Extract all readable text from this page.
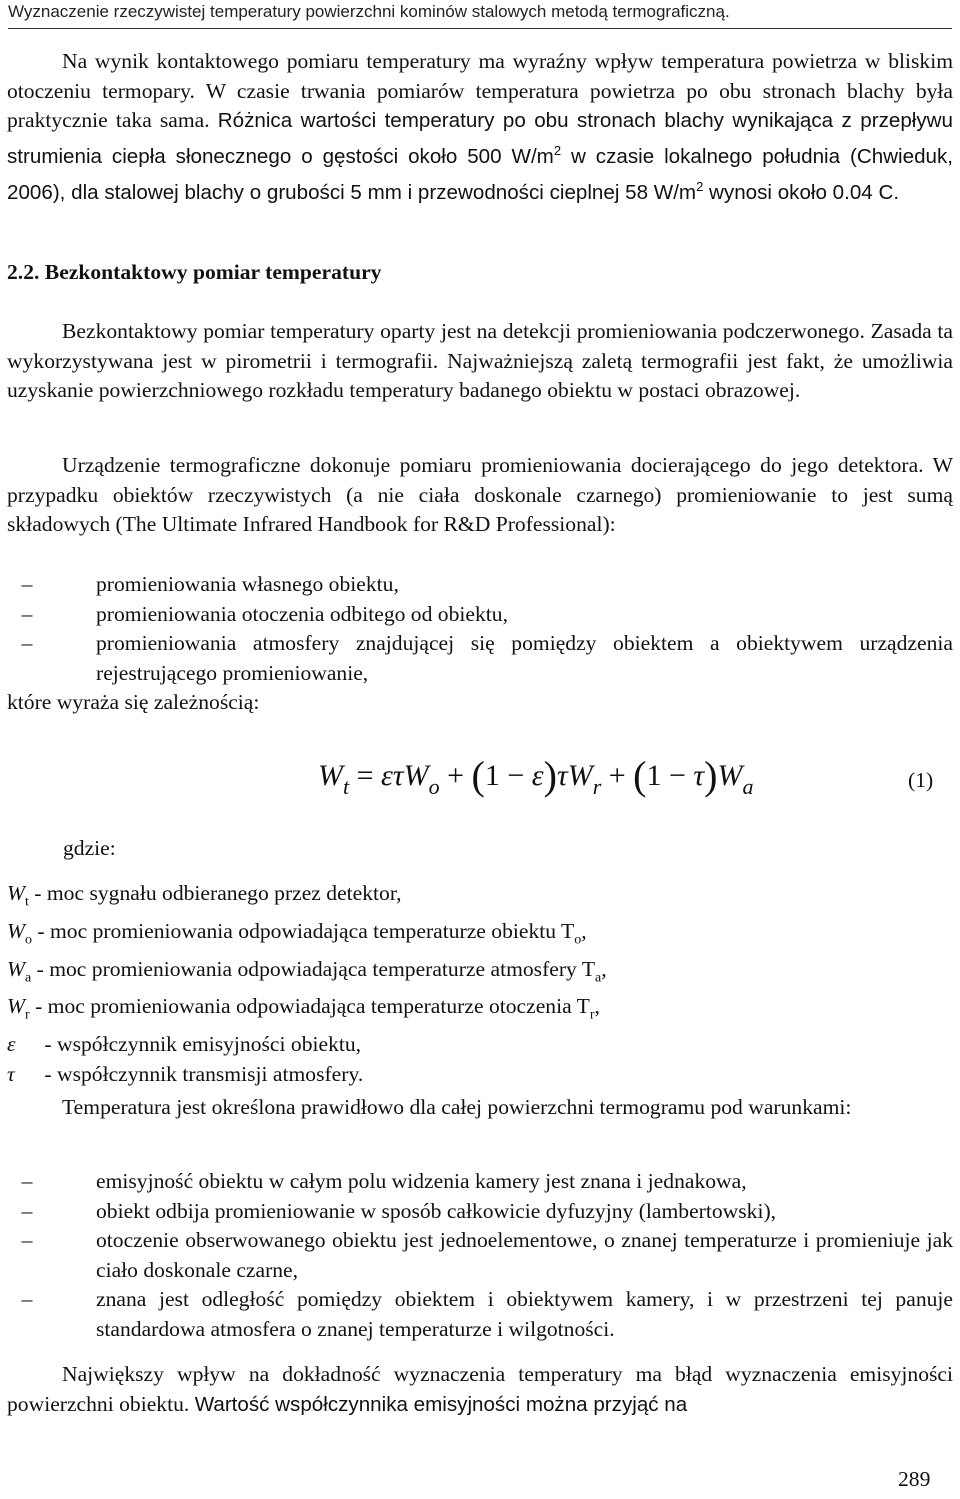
Wyznaczenie rzeczywistej temperatury powierzchni kominów stalowych metodą termograficzną.

Na wynik kontaktowego pomiaru temperatury ma wyraźny wpływ temperatura powietrza w bliskim otoczeniu termopary. W czasie trwania pomiarów temperatura powietrza po obu stronach blachy była praktycznie taka sama. Różnica wartości temperatury po obu stronach blachy wynikająca z przepływu strumienia ciepła słonecznego o gęstości około 500 $W/m^2$ w czasie lokalnego południa (Chwieduk, 2006), dla stalowej blachy o grubości 5 mm i przewodności cieplnej 58 $W/m^2$ wynosi około 0.04 C.

2.2. Bezkontaktowy pomiar temperatury

Bezkontaktowy pomiar temperatury oparty jest na detekcji promieniowania podczerwonego. Zasada ta wykorzystywana jest w pirometrii i termografii. Najważniejszą zaletą termografii jest fakt, że umożliwia uzyskanie powierzchniowego rozkładu temperatury badanego obiektu w postaci obrazowej.

Urządzenie termograficzne dokonuje pomiaru promieniowania docierającego do jego detektora. W przypadku obiektów rzeczywistych (a nie ciała doskonale czarnego) promieniowanie to jest sumą składowych (The Ultimate Infrared Handbook for R&D Professional):

–	promieniowania własnego obiektu,
–	promieniowania otoczenia odbitego od obiektu,
–	promieniowania atmosfery znajdującej się pomiędzy obiektem a obiektywem urządzenia rejestrującego promieniowanie,

które wyraża się zależnością:

$W_t = \varepsilon\tau W_o + (1 - \varepsilon)\tau W_r + (1 - \tau)W_a$	(1)
gdzie:
$W_t$ - moc sygnału odbieranego przez detektor,
$W_o$ - moc promieniowania odpowiadająca temperaturze obiektu $T_o$,
$W_a$ - moc promieniowania odpowiadająca temperaturze atmosfery $T_a$,
$W_r$ - moc promieniowania odpowiadająca temperaturze otoczenia $T_r$,
ε - współczynnik emisyjności obiektu,
τ - współczynnik transmisji atmosfery.

Temperatura jest określona prawidłowo dla całej powierzchni termogramu pod warunkami:

–	emisyjność obiektu w całym polu widzenia kamery jest znana i jednakowa,
–	obiekt odbija promieniowanie w sposób całkowicie dyfuzyjny (lambertowski),
–	otoczenie obserwowanego obiektu jest jednoelementowe, o znanej temperaturze i promieniuje jak ciało doskonale czarne,
–	znana jest odległość pomiędzy obiektem i obiektywem kamery, i w przestrzeni tej panuje standardowa atmosfera o znanej temperaturze i wilgotności.

Największy wpływ na dokładność wyznaczenia temperatury ma błąd wyznaczenia emisyjności powierzchni obiektu. Wartość współczynnika emisyjności można przyjąć na

289
